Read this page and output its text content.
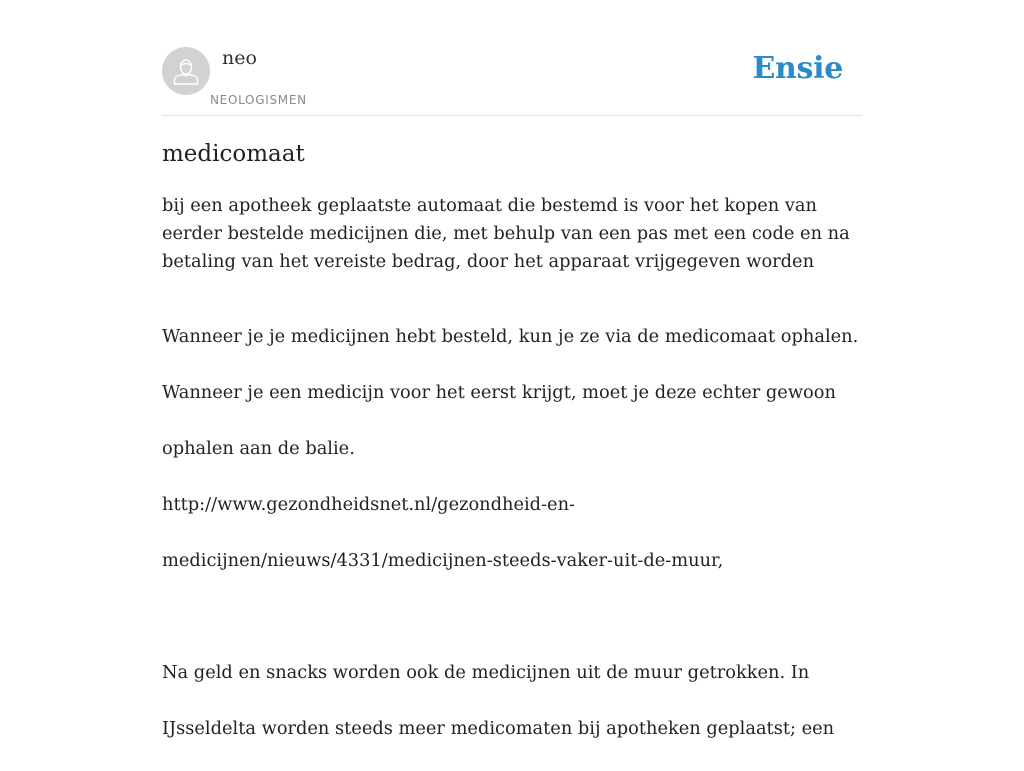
neo
NEOLOGISMEN
Ensie
medicomaat

bij een apotheek geplaatste automaat die bestemd is voor het kopen van eerder bestelde medicijnen die, met behulp van een pas met een code en na betaling van het vereiste bedrag, door het apparaat vrijgegeven worden

Wanneer je je medicijnen hebt besteld, kun je ze via de medicomaat ophalen.

Wanneer je een medicijn voor het eerst krijgt, moet je deze echter gewoon

ophalen aan de balie.

http://www.gezondheidsnet.nl/gezondheid-en-

medicijnen/nieuws/4331/medicijnen-steeds-vaker-uit-de-muur,

Na geld en snacks worden ook de medicijnen uit de muur getrokken. In

IJsseldelta worden steeds meer medicomaten bij apotheken geplaatst; een
